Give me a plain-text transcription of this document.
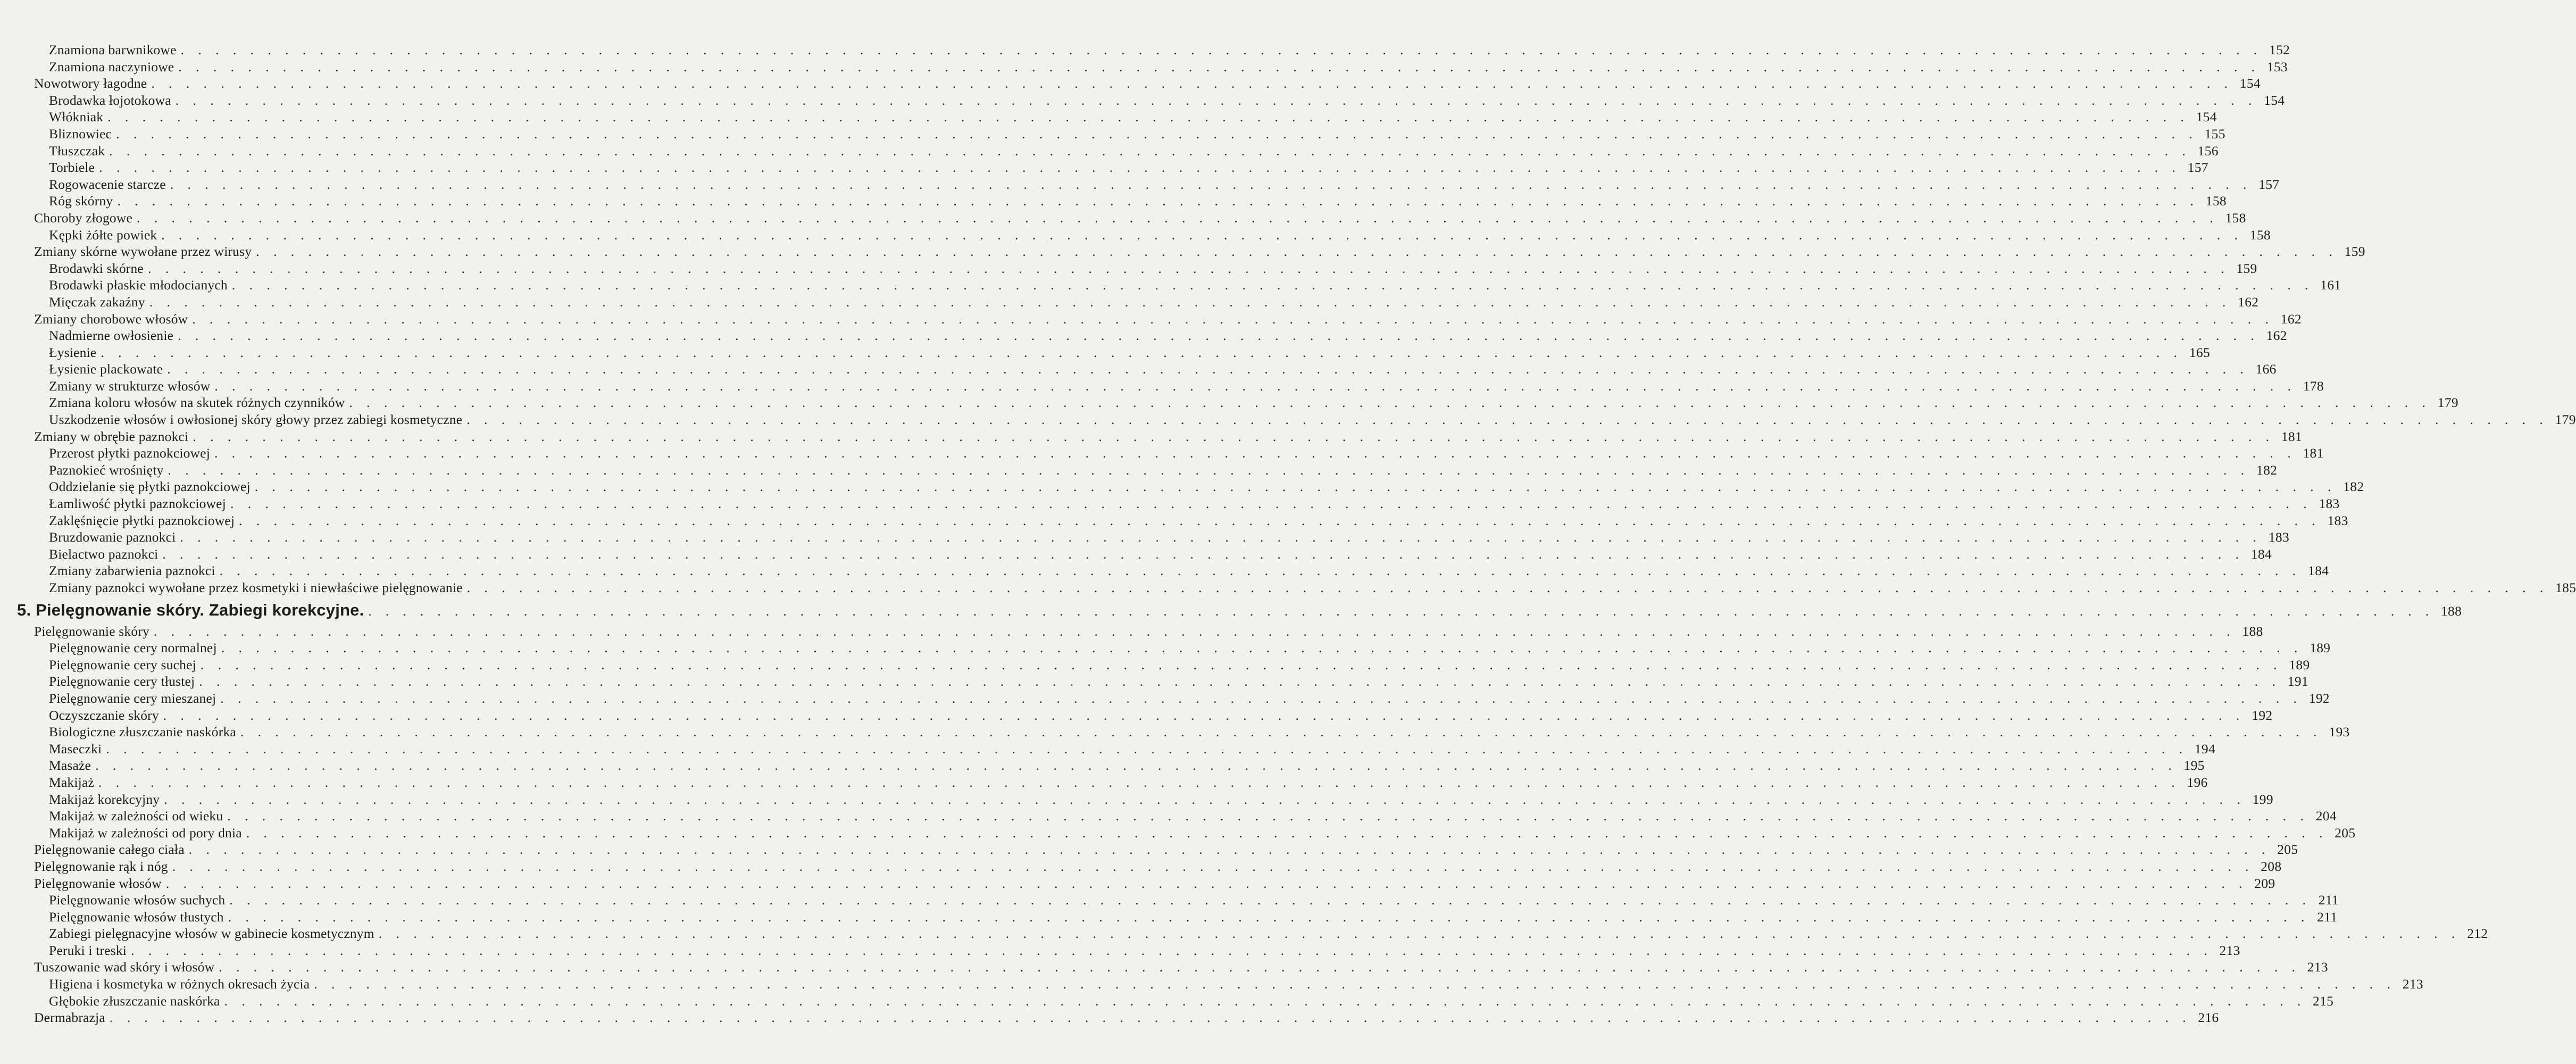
Znamiona barwnikowe . . . . . . . . . . . . . . . . . . . . . . . . . . . . . . . . . . . . . . . . . . . . . . . . . . . . . . . . . . . . . . . . . . . . . . . . . . . . . . . . . . . . . . . . . . . . . . . . . . . . . . . . . . . . . . . . . . . . . . . . 152
Znamiona naczyniowe . . . . . . . . . . . . . . . . . . . . . . . . . . . . . . . . . . . . . . . . . . . . . . . . . . . . . . . . . . . . . . . . . . . . . . . . . . . . . . . . . . . . . . . . . . . . . . . . . . . . . . . . . . . . . . . . . . . . . . . . 153
Nowotwory łagodne . . . . . . . . . . . . . . . . . . . . . . . . . . . . . . . . . . . . . . . . . . . . . . . . . . . . . . . . . . . . . . . . . . . . . . . . . . . . . . . . . . . . . . . . . . . . . . . . . . . . . . . . . . . . . . . . . . . . . . . . 154
Brodawka łojotokowa . . . . . . . . . . . . . . . . . . . . . . . . . . . . . . . . . . . . . . . . . . . . . . . . . . . . . . . . . . . . . . . . . . . . . . . . . . . . . . . . . . . . . . . . . . . . . . . . . . . . . . . . . . . . . . . . . . . . . . . . 154
Włókniak . . . . . . . . . . . . . . . . . . . . . . . . . . . . . . . . . . . . . . . . . . . . . . . . . . . . . . . . . . . . . . . . . . . . . . . . . . . . . . . . . . . . . . . . . . . . . . . . . . . . . . . . . . . . . . . . . . . . . . . . 154
Bliznowiec . . . . . . . . . . . . . . . . . . . . . . . . . . . . . . . . . . . . . . . . . . . . . . . . . . . . . . . . . . . . . . . . . . . . . . . . . . . . . . . . . . . . . . . . . . . . . . . . . . . . . . . . . . . . . . . . . . . . . . . . 155
Tłuszczak . . . . . . . . . . . . . . . . . . . . . . . . . . . . . . . . . . . . . . . . . . . . . . . . . . . . . . . . . . . . . . . . . . . . . . . . . . . . . . . . . . . . . . . . . . . . . . . . . . . . . . . . . . . . . . . . . . . . . . . . 156
Torbiele . . . . . . . . . . . . . . . . . . . . . . . . . . . . . . . . . . . . . . . . . . . . . . . . . . . . . . . . . . . . . . . . . . . . . . . . . . . . . . . . . . . . . . . . . . . . . . . . . . . . . . . . . . . . . . . . . . . . . . . . 157
Rogowacenie starcze . . . . . . . . . . . . . . . . . . . . . . . . . . . . . . . . . . . . . . . . . . . . . . . . . . . . . . . . . . . . . . . . . . . . . . . . . . . . . . . . . . . . . . . . . . . . . . . . . . . . . . . . . . . . . . . . . . . . . . . . 157
Róg skórny . . . . . . . . . . . . . . . . . . . . . . . . . . . . . . . . . . . . . . . . . . . . . . . . . . . . . . . . . . . . . . . . . . . . . . . . . . . . . . . . . . . . . . . . . . . . . . . . . . . . . . . . . . . . . . . . . . . . . . . . 158
Choroby złogowe . . . . . . . . . . . . . . . . . . . . . . . . . . . . . . . . . . . . . . . . . . . . . . . . . . . . . . . . . . . . . . . . . . . . . . . . . . . . . . . . . . . . . . . . . . . . . . . . . . . . . . . . . . . . . . . . . . . . . . . . 158
Kępki żółte powiek . . . . . . . . . . . . . . . . . . . . . . . . . . . . . . . . . . . . . . . . . . . . . . . . . . . . . . . . . . . . . . . . . . . . . . . . . . . . . . . . . . . . . . . . . . . . . . . . . . . . . . . . . . . . . . . . . . . . . . . . 158
Zmiany skórne wywołane przez wirusy . . . . . . . . . . . . . . . . . . . . . . . . . . . . . . . . . . . . . . . . . . . . . . . . . . . . . . . . . . . . . . . . . . . . . . . . . . . . . . . . . . . . . . . . . . . . . . . . . . . . . . . . . . . . . . . . . . . . . . . . 159
Brodawki skórne . . . . . . . . . . . . . . . . . . . . . . . . . . . . . . . . . . . . . . . . . . . . . . . . . . . . . . . . . . . . . . . . . . . . . . . . . . . . . . . . . . . . . . . . . . . . . . . . . . . . . . . . . . . . . . . . . . . . . . . . 159
Brodawki płaskie młodocianych . . . . . . . . . . . . . . . . . . . . . . . . . . . . . . . . . . . . . . . . . . . . . . . . . . . . . . . . . . . . . . . . . . . . . . . . . . . . . . . . . . . . . . . . . . . . . . . . . . . . . . . . . . . . . . . . . . . . . . . . 161
Mięczak zakaźny . . . . . . . . . . . . . . . . . . . . . . . . . . . . . . . . . . . . . . . . . . . . . . . . . . . . . . . . . . . . . . . . . . . . . . . . . . . . . . . . . . . . . . . . . . . . . . . . . . . . . . . . . . . . . . . . . . . . . . . . 162
Zmiany chorobowe włosów . . . . . . . . . . . . . . . . . . . . . . . . . . . . . . . . . . . . . . . . . . . . . . . . . . . . . . . . . . . . . . . . . . . . . . . . . . . . . . . . . . . . . . . . . . . . . . . . . . . . . . . . . . . . . . . . . . . . . . . . 162
Nadmierne owłosienie . . . . . . . . . . . . . . . . . . . . . . . . . . . . . . . . . . . . . . . . . . . . . . . . . . . . . . . . . . . . . . . . . . . . . . . . . . . . . . . . . . . . . . . . . . . . . . . . . . . . . . . . . . . . . . . . . . . . . . . . 162
Łysienie . . . . . . . . . . . . . . . . . . . . . . . . . . . . . . . . . . . . . . . . . . . . . . . . . . . . . . . . . . . . . . . . . . . . . . . . . . . . . . . . . . . . . . . . . . . . . . . . . . . . . . . . . . . . . . . . . . . . . . . . 165
Łysienie plackowate . . . . . . . . . . . . . . . . . . . . . . . . . . . . . . . . . . . . . . . . . . . . . . . . . . . . . . . . . . . . . . . . . . . . . . . . . . . . . . . . . . . . . . . . . . . . . . . . . . . . . . . . . . . . . . . . . . . . . . . . 166
Zmiany w strukturze włosów . . . . . . . . . . . . . . . . . . . . . . . . . . . . . . . . . . . . . . . . . . . . . . . . . . . . . . . . . . . . . . . . . . . . . . . . . . . . . . . . . . . . . . . . . . . . . . . . . . . . . . . . . . . . . . . . . . . . . . . . 178
Zmiana koloru włosów na skutek różnych czynników . . . . . . . . . . . . . . . . . . . . . . . . . . . . . . . . . . . . . . . . . . . . . . . . . . . . . . . . . . . . . . . . . . . . . . . . . . . . . . . . . . . . . . . . . . . . . . . . . . . . . . . . . . . . . . . . . . . . . . . . 179
Uszkodzenie włosów i owłosionej skóry głowy przez zabiegi kosmetyczne . . . . . . . . . . . . . . . . . . . . . . . . . . . . . . . . . . . . . . . . . . . . . . . . . . . . . . . . . . . . . . . . . . . . . . . . . . . . . . . . . . . . . . . . . . . . . . . . . . . . . . . . . . . . . . . . . . . . . . . . 179
Zmiany w obrębie paznokci . . . . . . . . . . . . . . . . . . . . . . . . . . . . . . . . . . . . . . . . . . . . . . . . . . . . . . . . . . . . . . . . . . . . . . . . . . . . . . . . . . . . . . . . . . . . . . . . . . . . . . . . . . . . . . . . . . . . . . . . 181
Przerost płytki paznokciowej . . . . . . . . . . . . . . . . . . . . . . . . . . . . . . . . . . . . . . . . . . . . . . . . . . . . . . . . . . . . . . . . . . . . . . . . . . . . . . . . . . . . . . . . . . . . . . . . . . . . . . . . . . . . . . . . . . . . . . . . 181
Paznokieć wrośnięty . . . . . . . . . . . . . . . . . . . . . . . . . . . . . . . . . . . . . . . . . . . . . . . . . . . . . . . . . . . . . . . . . . . . . . . . . . . . . . . . . . . . . . . . . . . . . . . . . . . . . . . . . . . . . . . . . . . . . . . . 182
Oddzielanie się płytki paznokciowej . . . . . . . . . . . . . . . . . . . . . . . . . . . . . . . . . . . . . . . . . . . . . . . . . . . . . . . . . . . . . . . . . . . . . . . . . . . . . . . . . . . . . . . . . . . . . . . . . . . . . . . . . . . . . . . . . . . . . . . . 182
Łamliwość płytki paznokciowej . . . . . . . . . . . . . . . . . . . . . . . . . . . . . . . . . . . . . . . . . . . . . . . . . . . . . . . . . . . . . . . . . . . . . . . . . . . . . . . . . . . . . . . . . . . . . . . . . . . . . . . . . . . . . . . . . . . . . . . . 183
Zaklęśnięcie płytki paznokciowej . . . . . . . . . . . . . . . . . . . . . . . . . . . . . . . . . . . . . . . . . . . . . . . . . . . . . . . . . . . . . . . . . . . . . . . . . . . . . . . . . . . . . . . . . . . . . . . . . . . . . . . . . . . . . . . . . . . . . . . . 183
Bruzdowanie paznokci . . . . . . . . . . . . . . . . . . . . . . . . . . . . . . . . . . . . . . . . . . . . . . . . . . . . . . . . . . . . . . . . . . . . . . . . . . . . . . . . . . . . . . . . . . . . . . . . . . . . . . . . . . . . . . . . . . . . . . . . 183
Bielactwo paznokci . . . . . . . . . . . . . . . . . . . . . . . . . . . . . . . . . . . . . . . . . . . . . . . . . . . . . . . . . . . . . . . . . . . . . . . . . . . . . . . . . . . . . . . . . . . . . . . . . . . . . . . . . . . . . . . . . . . . . . . . 184
Zmiany zabarwienia paznokci . . . . . . . . . . . . . . . . . . . . . . . . . . . . . . . . . . . . . . . . . . . . . . . . . . . . . . . . . . . . . . . . . . . . . . . . . . . . . . . . . . . . . . . . . . . . . . . . . . . . . . . . . . . . . . . . . . . . . . . . 184
Zmiany paznokci wywołane przez kosmetyki i niewłaściwe pielęgnowanie . . . . . . . . . . . . . . . . . . . . . . . . . . . . . . . . . . . . . . . . . . . . . . . . . . . . . . . . . . . . . . . . . . . . . . . . . . . . . . . . . . . . . . . . . . . . . . . . . . . . . . . . . . . . . . . . . . . . . . . . 185
5. Pielęgnowanie skóry. Zabiegi korekcyjne. . . . . . . . . . . . . . . . . . . . . . . . . . . . . . . . . . . . . . . . . . . . . . . . . . . . . . . . . . . . . . . . . . . . . . . . . . . . . . . . . . . . . . . . . . . . . . . . . . . . . . . . . . . . . . . . . . . . . . . . . 188
Pielęgnowanie skóry . . . . . . . . . . . . . . . . . . . . . . . . . . . . . . . . . . . . . . . . . . . . . . . . . . . . . . . . . . . . . . . . . . . . . . . . . . . . . . . . . . . . . . . . . . . . . . . . . . . . . . . . . . . . . . . . . . . . . . . . 188
Pielęgnowanie cery normalnej . . . . . . . . . . . . . . . . . . . . . . . . . . . . . . . . . . . . . . . . . . . . . . . . . . . . . . . . . . . . . . . . . . . . . . . . . . . . . . . . . . . . . . . . . . . . . . . . . . . . . . . . . . . . . . . . . . . . . . . . 189
Pielęgnowanie cery suchej . . . . . . . . . . . . . . . . . . . . . . . . . . . . . . . . . . . . . . . . . . . . . . . . . . . . . . . . . . . . . . . . . . . . . . . . . . . . . . . . . . . . . . . . . . . . . . . . . . . . . . . . . . . . . . . . . . . . . . . . 189
Pielęgnowanie cery tłustej . . . . . . . . . . . . . . . . . . . . . . . . . . . . . . . . . . . . . . . . . . . . . . . . . . . . . . . . . . . . . . . . . . . . . . . . . . . . . . . . . . . . . . . . . . . . . . . . . . . . . . . . . . . . . . . . . . . . . . . . 191
Pielęgnowanie cery mieszanej . . . . . . . . . . . . . . . . . . . . . . . . . . . . . . . . . . . . . . . . . . . . . . . . . . . . . . . . . . . . . . . . . . . . . . . . . . . . . . . . . . . . . . . . . . . . . . . . . . . . . . . . . . . . . . . . . . . . . . . . 192
Oczyszczanie skóry . . . . . . . . . . . . . . . . . . . . . . . . . . . . . . . . . . . . . . . . . . . . . . . . . . . . . . . . . . . . . . . . . . . . . . . . . . . . . . . . . . . . . . . . . . . . . . . . . . . . . . . . . . . . . . . . . . . . . . . . 192
Biologiczne złuszczanie naskórka . . . . . . . . . . . . . . . . . . . . . . . . . . . . . . . . . . . . . . . . . . . . . . . . . . . . . . . . . . . . . . . . . . . . . . . . . . . . . . . . . . . . . . . . . . . . . . . . . . . . . . . . . . . . . . . . . . . . . . . . 193
Maseczki . . . . . . . . . . . . . . . . . . . . . . . . . . . . . . . . . . . . . . . . . . . . . . . . . . . . . . . . . . . . . . . . . . . . . . . . . . . . . . . . . . . . . . . . . . . . . . . . . . . . . . . . . . . . . . . . . . . . . . . . 194
Masaże . . . . . . . . . . . . . . . . . . . . . . . . . . . . . . . . . . . . . . . . . . . . . . . . . . . . . . . . . . . . . . . . . . . . . . . . . . . . . . . . . . . . . . . . . . . . . . . . . . . . . . . . . . . . . . . . . . . . . . . . 195
Makijaż . . . . . . . . . . . . . . . . . . . . . . . . . . . . . . . . . . . . . . . . . . . . . . . . . . . . . . . . . . . . . . . . . . . . . . . . . . . . . . . . . . . . . . . . . . . . . . . . . . . . . . . . . . . . . . . . . . . . . . . . 196
Makijaż korekcyjny . . . . . . . . . . . . . . . . . . . . . . . . . . . . . . . . . . . . . . . . . . . . . . . . . . . . . . . . . . . . . . . . . . . . . . . . . . . . . . . . . . . . . . . . . . . . . . . . . . . . . . . . . . . . . . . . . . . . . . . . 199
Makijaż w zależności od wieku . . . . . . . . . . . . . . . . . . . . . . . . . . . . . . . . . . . . . . . . . . . . . . . . . . . . . . . . . . . . . . . . . . . . . . . . . . . . . . . . . . . . . . . . . . . . . . . . . . . . . . . . . . . . . . . . . . . . . . . . 204
Makijaż w zależności od pory dnia . . . . . . . . . . . . . . . . . . . . . . . . . . . . . . . . . . . . . . . . . . . . . . . . . . . . . . . . . . . . . . . . . . . . . . . . . . . . . . . . . . . . . . . . . . . . . . . . . . . . . . . . . . . . . . . . . . . . . . . . 205
Pielęgnowanie całego ciała . . . . . . . . . . . . . . . . . . . . . . . . . . . . . . . . . . . . . . . . . . . . . . . . . . . . . . . . . . . . . . . . . . . . . . . . . . . . . . . . . . . . . . . . . . . . . . . . . . . . . . . . . . . . . . . . . . . . . . . . 205
Pielęgnowanie rąk i nóg . . . . . . . . . . . . . . . . . . . . . . . . . . . . . . . . . . . . . . . . . . . . . . . . . . . . . . . . . . . . . . . . . . . . . . . . . . . . . . . . . . . . . . . . . . . . . . . . . . . . . . . . . . . . . . . . . . . . . . . . 208
Pielęgnowanie włosów . . . . . . . . . . . . . . . . . . . . . . . . . . . . . . . . . . . . . . . . . . . . . . . . . . . . . . . . . . . . . . . . . . . . . . . . . . . . . . . . . . . . . . . . . . . . . . . . . . . . . . . . . . . . . . . . . . . . . . . . 209
Pielęgnowanie włosów suchych . . . . . . . . . . . . . . . . . . . . . . . . . . . . . . . . . . . . . . . . . . . . . . . . . . . . . . . . . . . . . . . . . . . . . . . . . . . . . . . . . . . . . . . . . . . . . . . . . . . . . . . . . . . . . . . . . . . . . . . . 211
Pielęgnowanie włosów tłustych . . . . . . . . . . . . . . . . . . . . . . . . . . . . . . . . . . . . . . . . . . . . . . . . . . . . . . . . . . . . . . . . . . . . . . . . . . . . . . . . . . . . . . . . . . . . . . . . . . . . . . . . . . . . . . . . . . . . . . . . 211
Zabiegi pielęgnacyjne włosów w gabinecie kosmetycznym . . . . . . . . . . . . . . . . . . . . . . . . . . . . . . . . . . . . . . . . . . . . . . . . . . . . . . . . . . . . . . . . . . . . . . . . . . . . . . . . . . . . . . . . . . . . . . . . . . . . . . . . . . . . . . . . . . . . . . . . 212
Peruki i treski . . . . . . . . . . . . . . . . . . . . . . . . . . . . . . . . . . . . . . . . . . . . . . . . . . . . . . . . . . . . . . . . . . . . . . . . . . . . . . . . . . . . . . . . . . . . . . . . . . . . . . . . . . . . . . . . . . . . . . . . 213
Tuszowanie wad skóry i włosów . . . . . . . . . . . . . . . . . . . . . . . . . . . . . . . . . . . . . . . . . . . . . . . . . . . . . . . . . . . . . . . . . . . . . . . . . . . . . . . . . . . . . . . . . . . . . . . . . . . . . . . . . . . . . . . . . . . . . . . . 213
Higiena i kosmetyka w różnych okresach życia . . . . . . . . . . . . . . . . . . . . . . . . . . . . . . . . . . . . . . . . . . . . . . . . . . . . . . . . . . . . . . . . . . . . . . . . . . . . . . . . . . . . . . . . . . . . . . . . . . . . . . . . . . . . . . . . . . . . . . . . 213
Głębokie złuszczanie naskórka . . . . . . . . . . . . . . . . . . . . . . . . . . . . . . . . . . . . . . . . . . . . . . . . . . . . . . . . . . . . . . . . . . . . . . . . . . . . . . . . . . . . . . . . . . . . . . . . . . . . . . . . . . . . . . . . . . . . . . . . 215
Dermabrazja . . . . . . . . . . . . . . . . . . . . . . . . . . . . . . . . . . . . . . . . . . . . . . . . . . . . . . . . . . . . . . . . . . . . . . . . . . . . . . . . . . . . . . . . . . . . . . . . . . . . . . . . . . . . . . . . . . . . . . . . 216
